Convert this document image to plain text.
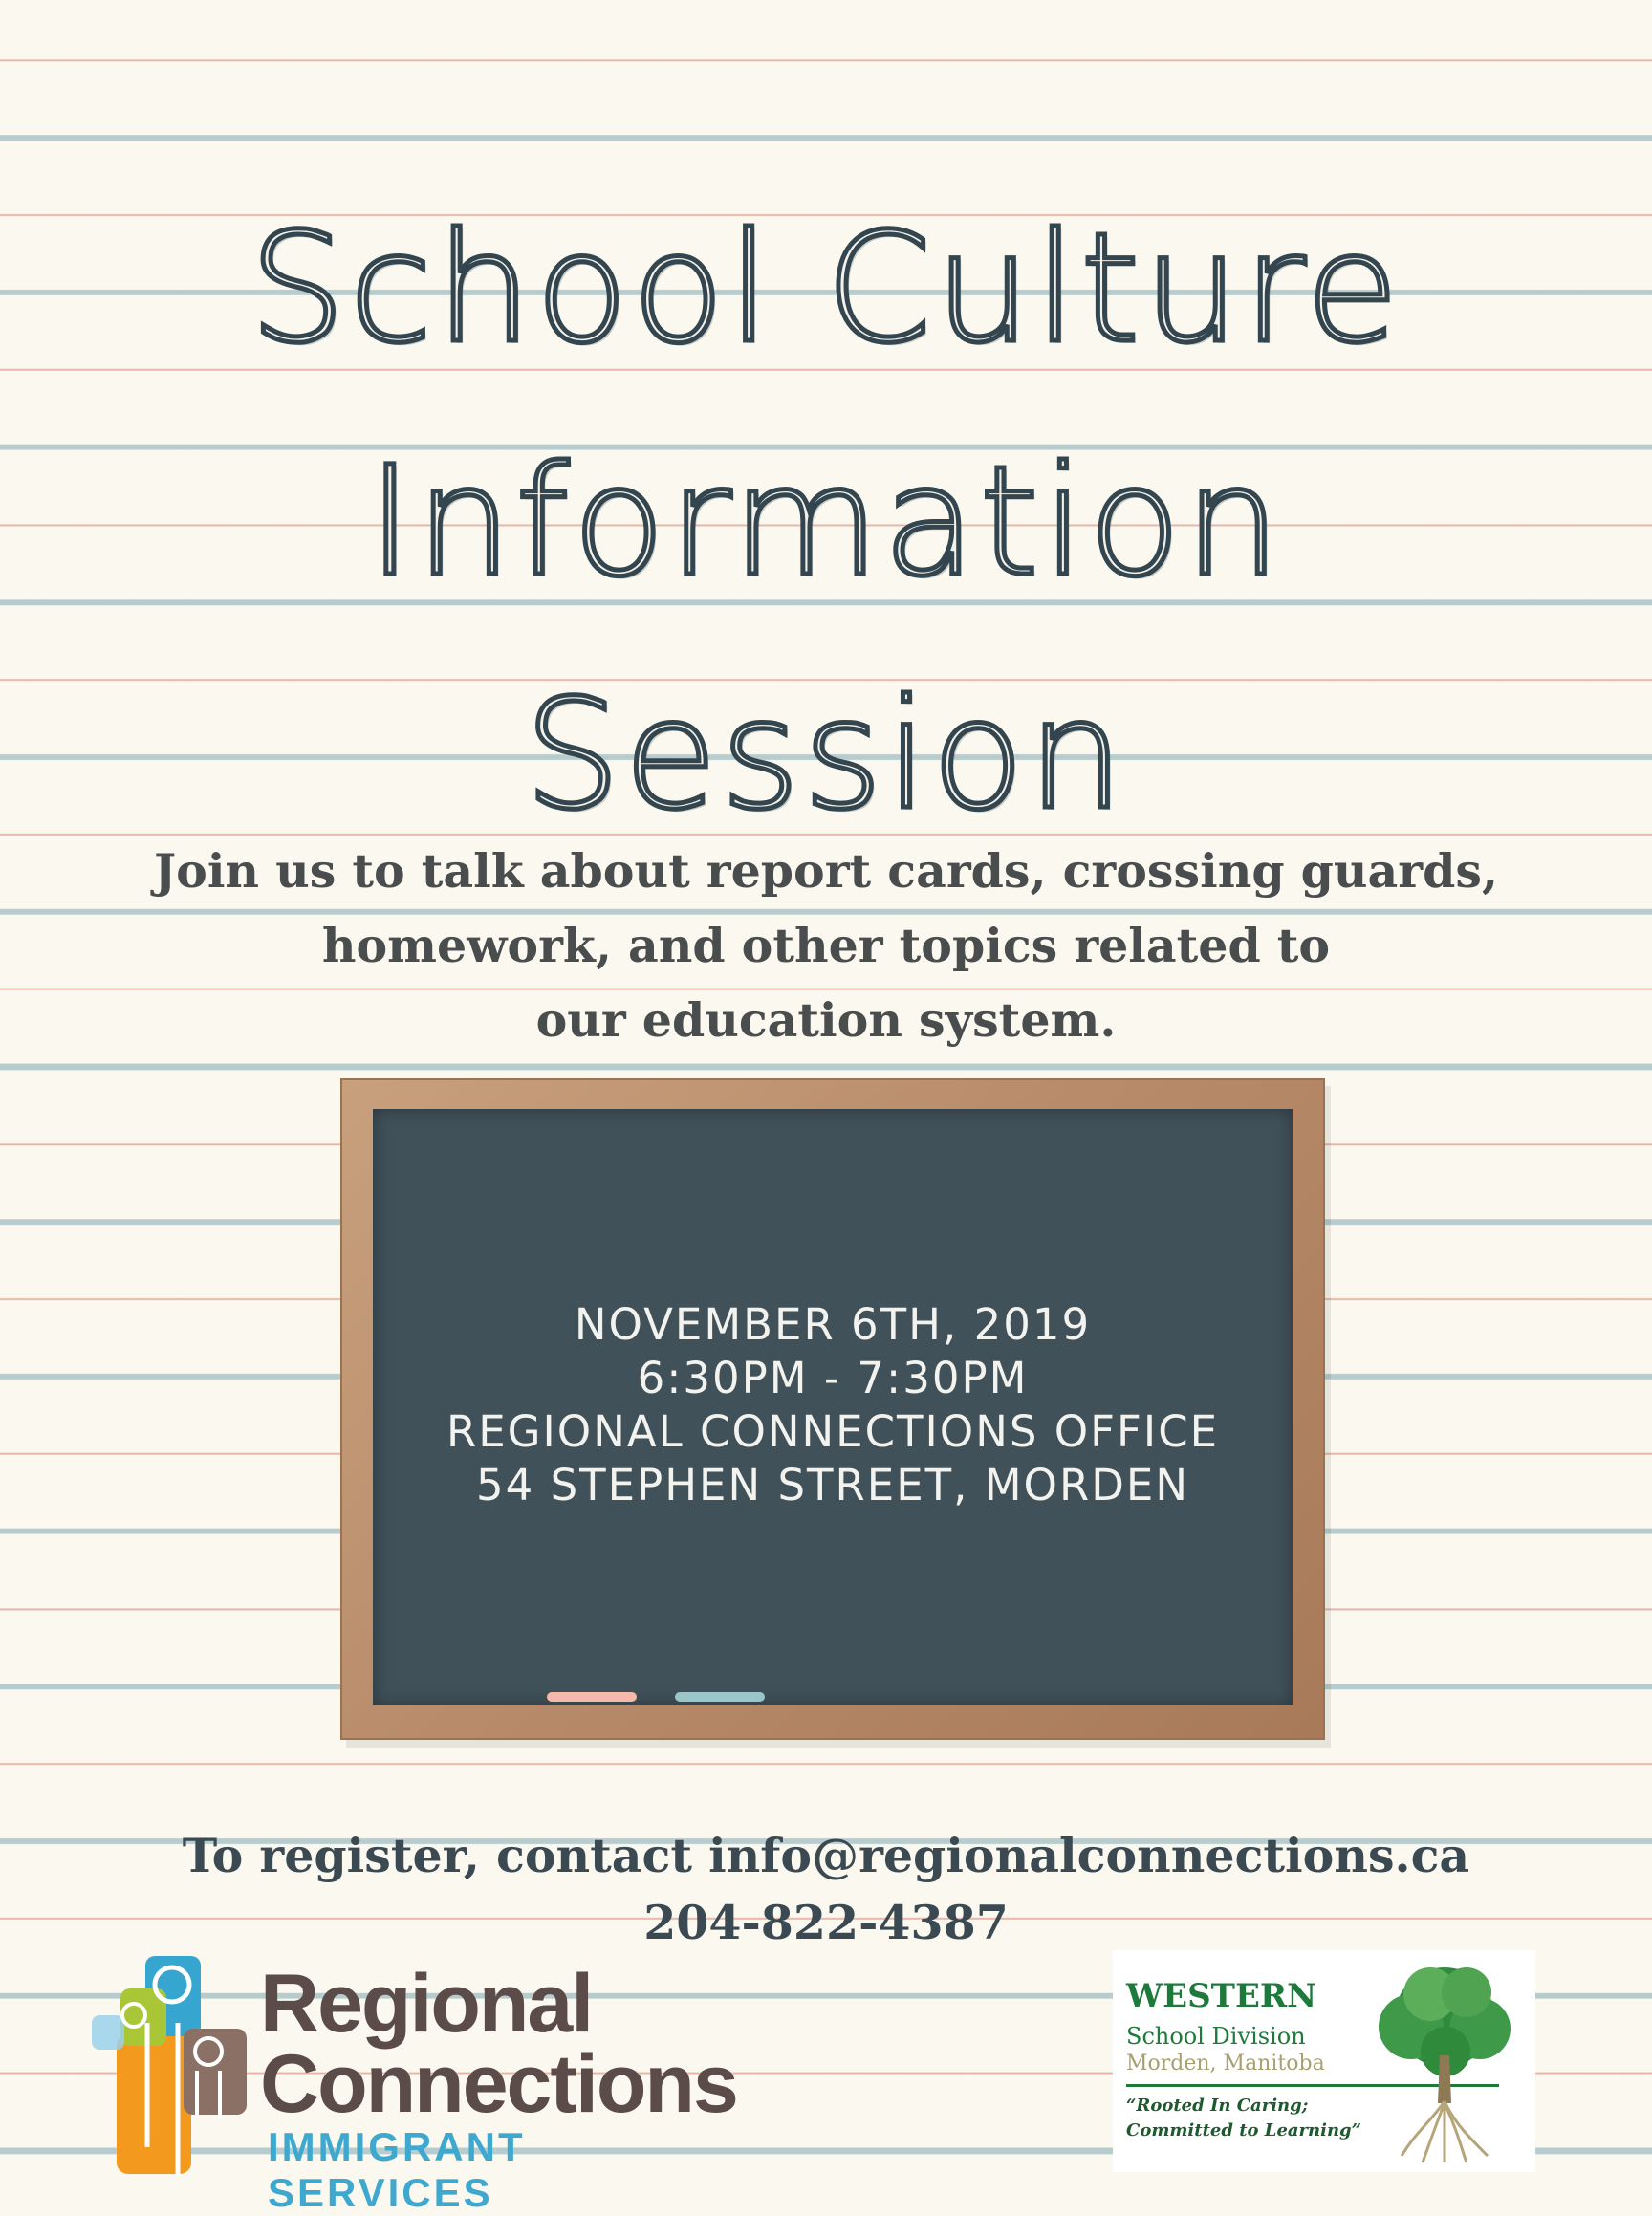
School Culture
Information
Session

Join us to talk about report cards, crossing guards,
homework, and other topics related to
our education system.

NOVEMBER 6TH, 2019
6:30PM - 7:30PM
REGIONAL CONNECTIONS OFFICE
54 STEPHEN STREET, MORDEN

To register, contact info@regionalconnections.ca
204-822-4387

Regional
Connections
IMMIGRANT SERVICES
WESTERN
School Division
Morden, Manitoba
“Rooted In Caring;
Committed to Learning”
